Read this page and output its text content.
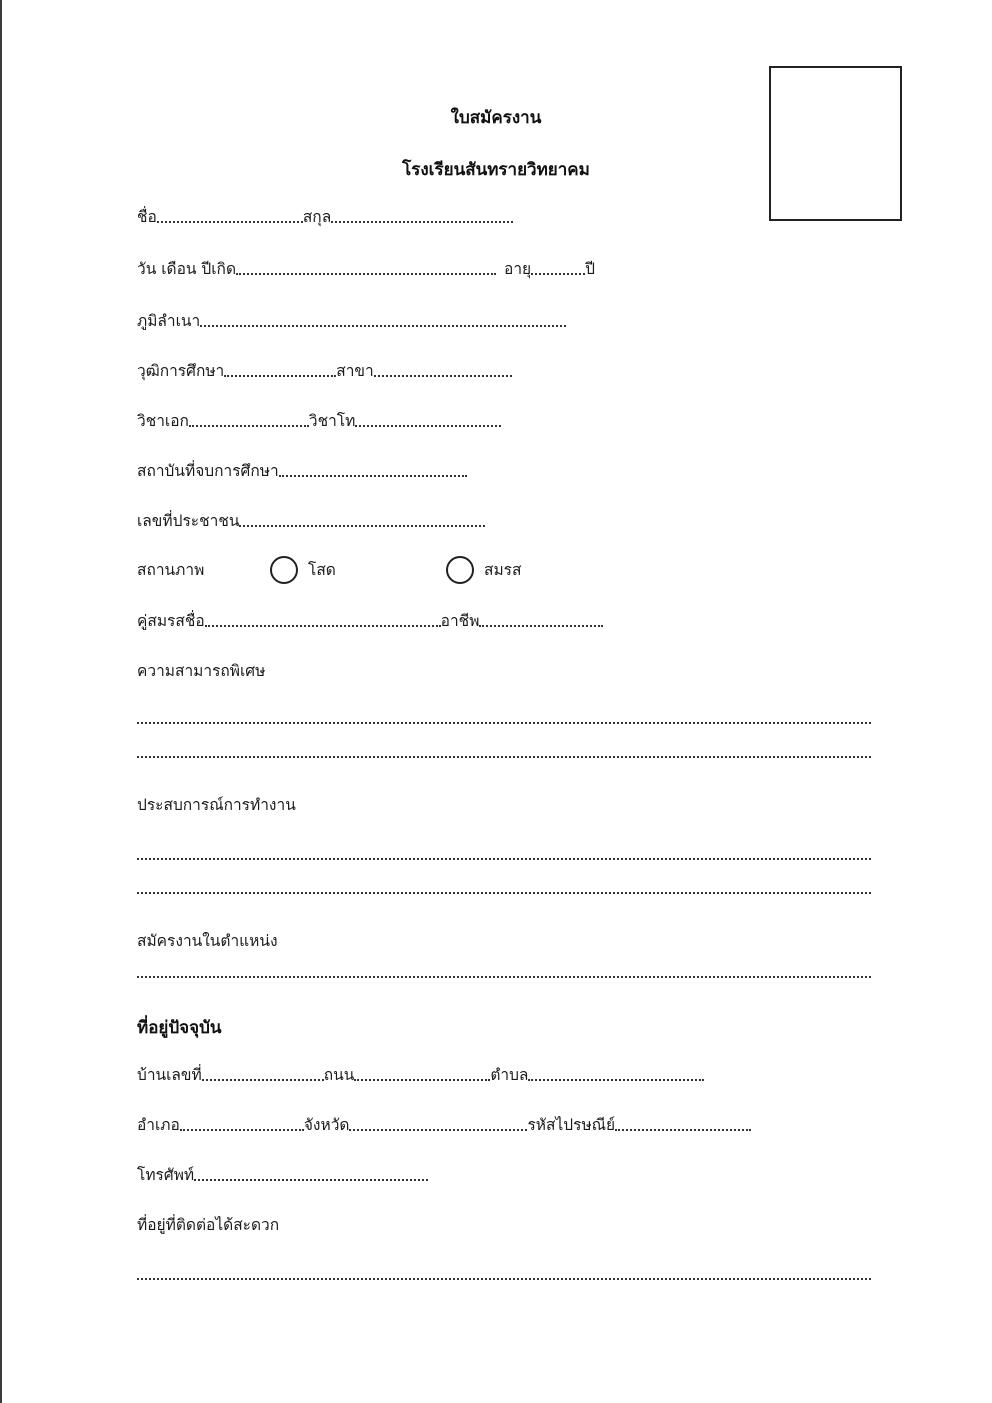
ใบสมัครงาน
โรงเรียนสันทรายวิทยาคม
ชื่อ	สกุล
วัน เดือน ปีเกิด	อายุ	ปี
ภูมิลำเนา
วุฒิการศึกษา	สาขา
วิชาเอก	วิชาโท
สถาบันที่จบการศึกษา
เลขที่ประชาชน
สถานภาพ	โสด	สมรส
คู่สมรสชื่อ	อาชีพ
ความสามารถพิเศษ
ประสบการณ์การทำงาน
สมัครงานในตำแหน่ง
ที่อยู่ปัจจุบัน
บ้านเลขที่	ถนน	ตำบล
อำเภอ	จังหวัด	รหัสไปรษณีย์
โทรศัพท์
ที่อยู่ที่ติดต่อได้สะดวก
